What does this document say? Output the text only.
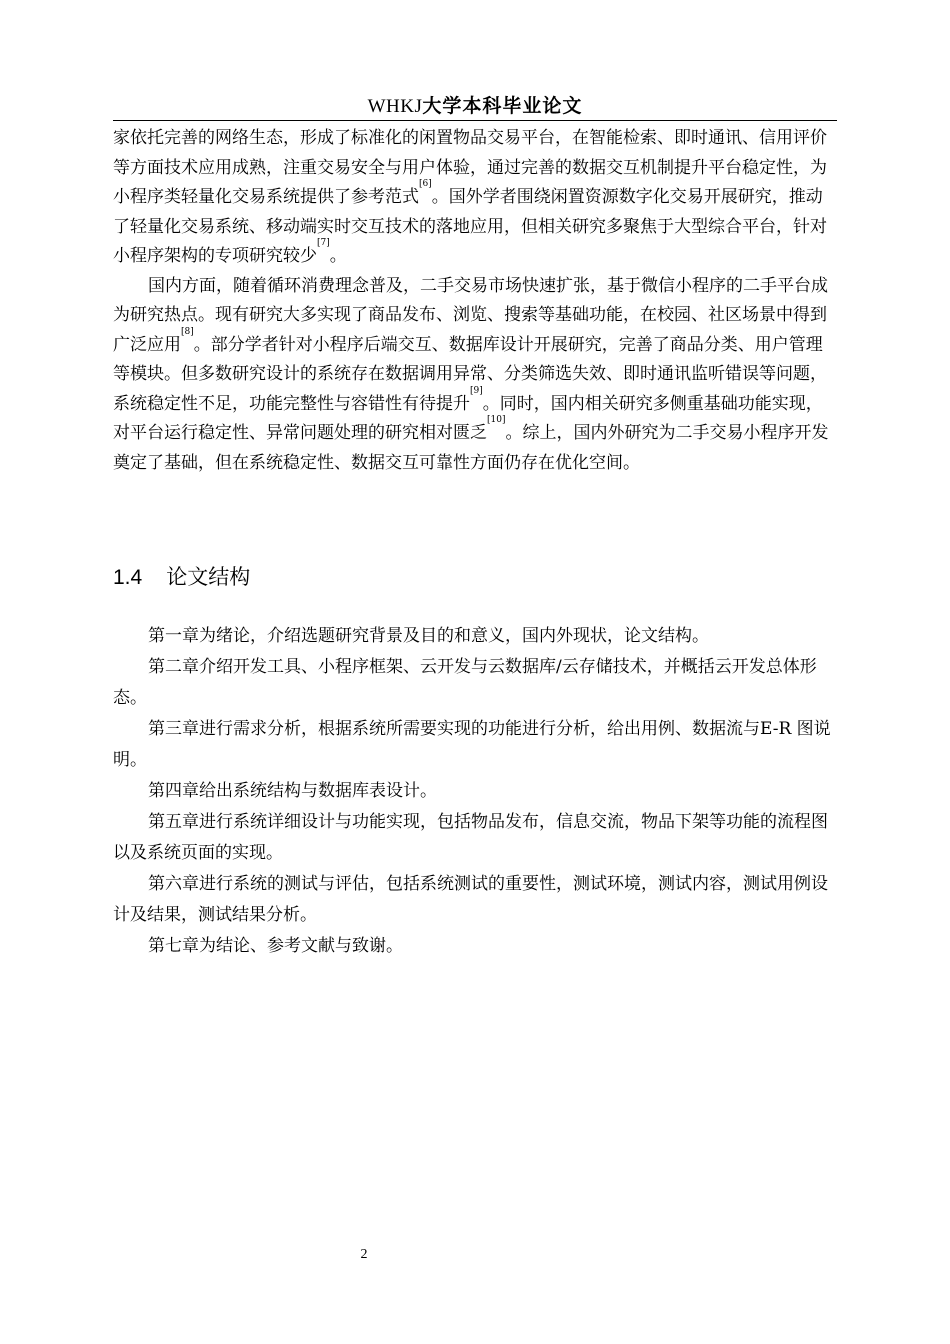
WHKJ大学本科毕业论文

家依托完善的网络生态，形成了标准化的闲置物品交易平台，在智能检索、即时通讯、信用评价等方面技术应用成熟，注重交易安全与用户体验，通过完善的数据交互机制提升平台稳定性，为小程序类轻量化交易系统提供了参考范式[6]。国外学者围绕闲置资源数字化交易开展研究，推动了轻量化交易系统、移动端实时交互技术的落地应用，但相关研究多聚焦于大型综合平台，针对小程序架构的专项研究较少[7]。

国内方面，随着循环消费理念普及，二手交易市场快速扩张，基于微信小程序的二手平台成为研究热点。现有研究大多实现了商品发布、浏览、搜索等基础功能，在校园、社区场景中得到广泛应用[8]。部分学者针对小程序后端交互、数据库设计开展研究，完善了商品分类、用户管理等模块。但多数研究设计的系统存在数据调用异常、分类筛选失效、即时通讯监听错误等问题，系统稳定性不足，功能完整性与容错性有待提升[9]。同时，国内相关研究多侧重基础功能实现，对平台运行稳定性、异常问题处理的研究相对匮乏[10]。综上，国内外研究为二手交易小程序开发奠定了基础，但在系统稳定性、数据交互可靠性方面仍存在优化空间。

1.4 论文结构

第一章为绪论，介绍选题研究背景及目的和意义，国内外现状，论文结构。

第二章介绍开发工具、小程序框架、云开发与云数据库/云存储技术，并概括云开发总体形态。

第三章进行需求分析，根据系统所需要实现的功能进行分析，给出用例、数据流与E-R 图说明。

第四章给出系统结构与数据库表设计。

第五章进行系统详细设计与功能实现，包括物品发布，信息交流，物品下架等功能的流程图以及系统页面的实现。

第六章进行系统的测试与评估，包括系统测试的重要性，测试环境，测试内容，测试用例设计及结果，测试结果分析。

第七章为结论、参考文献与致谢。

2
